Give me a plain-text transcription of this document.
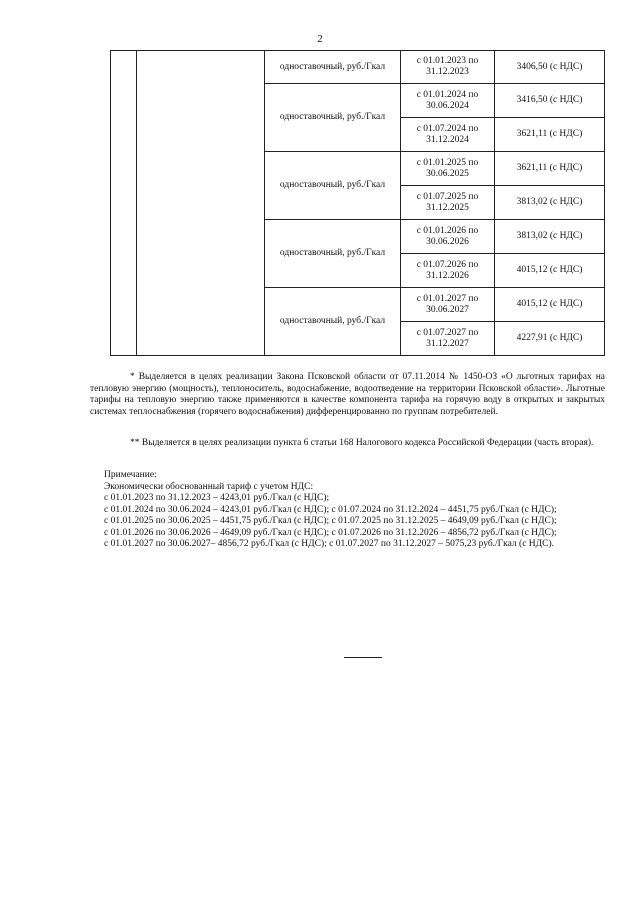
2
		одноставочный, руб./Гкал	с 01.01.2023 по 31.12.2023	3406,50 (с НДС)
		одноставочный, руб./Гкал	с 01.01.2024 по 30.06.2024	3416,50 (с НДС)
			с 01.07.2024 по 31.12.2024	3621,11 (с НДС)
		одноставочный, руб./Гкал	с 01.01.2025 по 30.06.2025	3621,11 (с НДС)
			с 01.07.2025 по 31.12.2025	3813,02 (с НДС)
		одноставочный, руб./Гкал	с 01.01.2026 по 30.06.2026	3813,02 (с НДС)
			с 01.07.2026 по 31.12.2026	4015,12 (с НДС)
		одноставочный, руб./Гкал	с 01.01.2027 по 30.06.2027	4015,12 (с НДС)
			с 01.07.2027 по 31.12.2027	4227,91 (с НДС)

* Выделяется в целях реализации Закона Псковской области от 07.11.2014 № 1450-ОЗ «О льготных тарифах на тепловую энергию (мощность), теплоноситель, водоснабжение, водоотведение на территории Псковской области». Льготные тарифы на тепловую энергию также применяются в качестве компонента тарифа на горячую воду в открытых и закрытых системах теплоснабжения (горячего водоснабжения) дифференцированно по группам потребителей.

** Выделяется в целях реализации пункта 6 статьи 168 Налогового кодекса Российской Федерации (часть вторая).

Примечание:

Экономически обоснованный тариф с учетом НДС:

с 01.01.2023 по 31.12.2023 – 4243,01 руб./Гкал (с НДС);

с 01.01.2024 по 30.06.2024 – 4243,01 руб./Гкал (с НДС); с 01.07.2024 по 31.12.2024 – 4451,75 руб./Гкал (с НДС);

с 01.01.2025 по 30.06.2025 – 4451,75 руб./Гкал (с НДС); с 01.07.2025 по 31.12.2025 – 4649,09 руб./Гкал (с НДС);

с 01.01.2026 по 30.06.2026 – 4649,09 руб./Гкал (с НДС); с 01.07.2026 по 31.12.2026 – 4856,72 руб./Гкал (с НДС);

с 01.01.2027 по 30.06.2027– 4856,72 руб./Гкал (с НДС); с 01.07.2027 по 31.12.2027 – 5075,23 руб./Гкал (с НДС).
